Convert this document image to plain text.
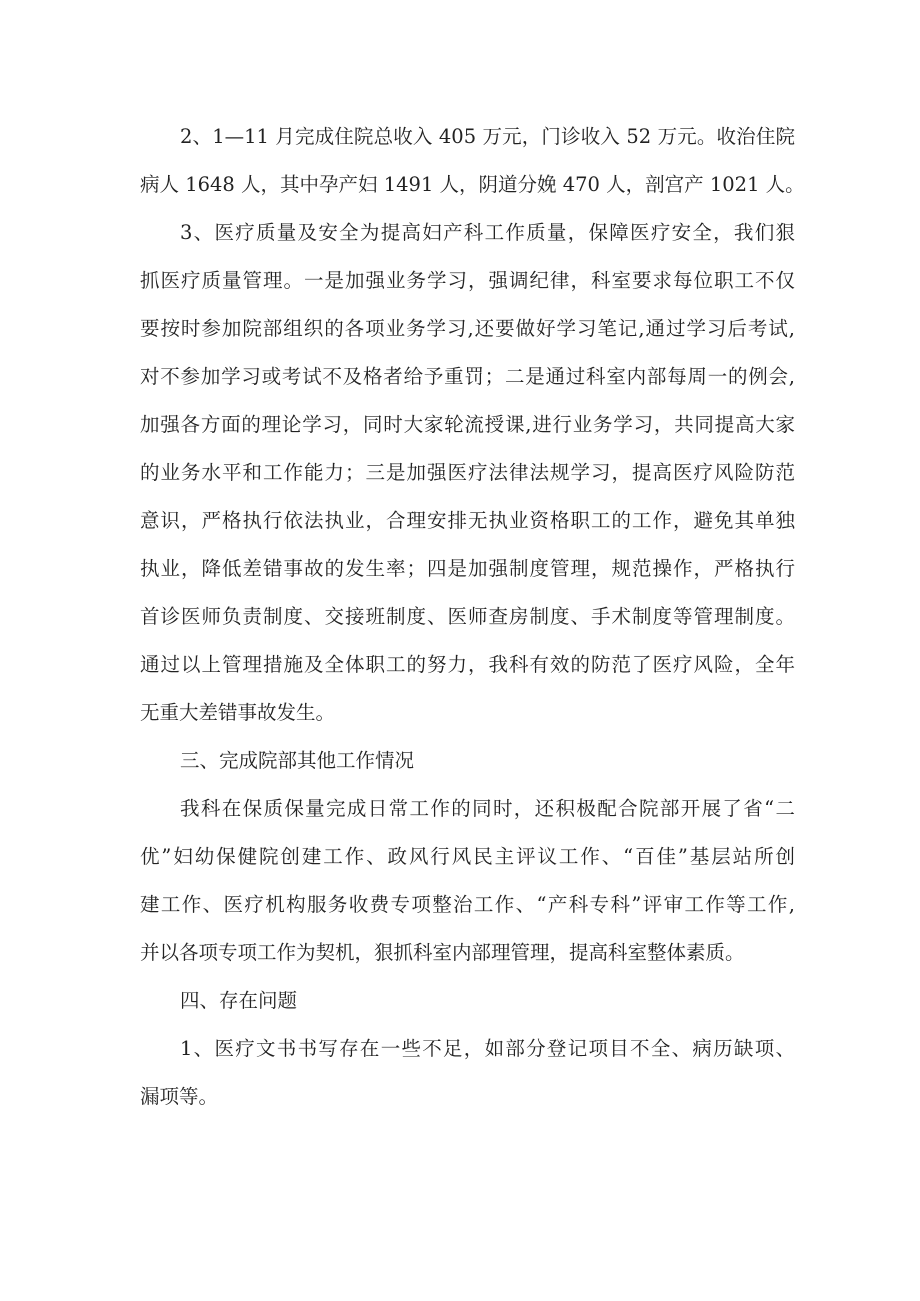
2、1—11 月完成住院总收入 405 万元，门诊收入 52 万元。收治住院
病人 1648 人，其中孕产妇 1491 人，阴道分娩 470 人，剖宫产 1021 人。
3、医疗质量及安全为提高妇产科工作质量，保障医疗安全，我们狠
抓医疗质量管理。一是加强业务学习，强调纪律，科室要求每位职工不仅
要按时参加院部组织的各项业务学习,还要做好学习笔记,通过学习后考试,
对不参加学习或考试不及格者给予重罚；二是通过科室内部每周一的例会,
加强各方面的理论学习，同时大家轮流授课,进行业务学习，共同提高大家
的业务水平和工作能力；三是加强医疗法律法规学习，提高医疗风险防范
意识，严格执行依法执业，合理安排无执业资格职工的工作，避免其单独
执业，降低差错事故的发生率；四是加强制度管理，规范操作，严格执行
首诊医师负责制度、交接班制度、医师查房制度、手术制度等管理制度。
通过以上管理措施及全体职工的努力，我科有效的防范了医疗风险，全年
无重大差错事故发生。
三、完成院部其他工作情况
我科在保质保量完成日常工作的同时，还积极配合院部开展了省“二
优”妇幼保健院创建工作、政风行风民主评议工作、“百佳”基层站所创
建工作、医疗机构服务收费专项整治工作、“产科专科”评审工作等工作,
并以各项专项工作为契机，狠抓科室内部理管理，提高科室整体素质。
四、存在问题
1、医疗文书书写存在一些不足，如部分登记项目不全、病历缺项、
漏项等。
